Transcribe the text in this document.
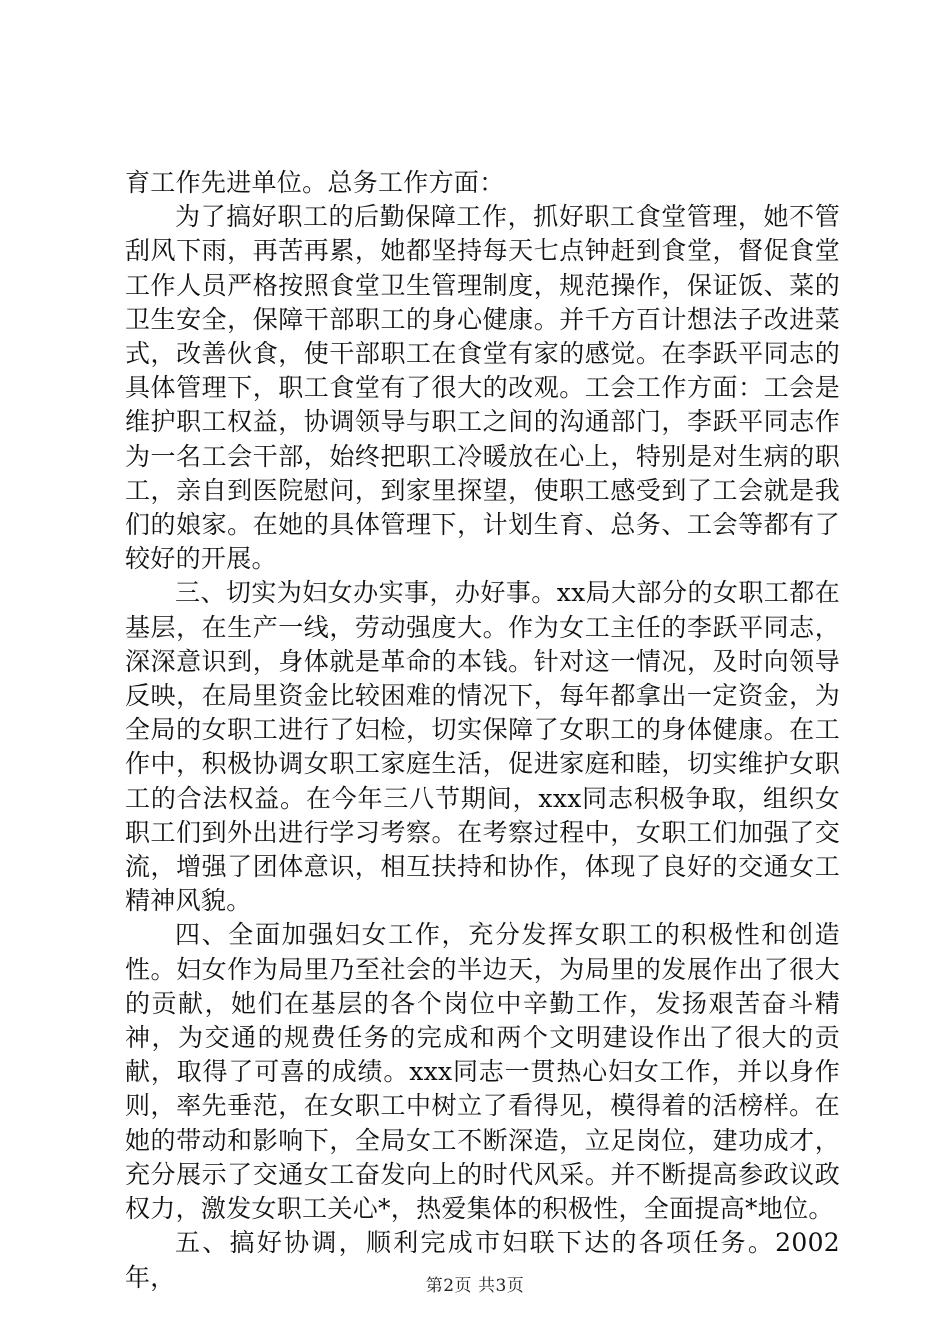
育工作先进单位。总务工作方面：

为了搞好职工的后勤保障工作，抓好职工食堂管理，她不管刮风下雨，再苦再累，她都坚持每天七点钟赶到食堂，督促食堂工作人员严格按照食堂卫生管理制度，规范操作，保证饭、菜的卫生安全，保障干部职工的身心健康。并千方百计想法子改进菜式，改善伙食，使干部职工在食堂有家的感觉。在李跃平同志的具体管理下，职工食堂有了很大的改观。工会工作方面：工会是维护职工权益，协调领导与职工之间的沟通部门，李跃平同志作为一名工会干部，始终把职工冷暖放在心上，特别是对生病的职工，亲自到医院慰问，到家里探望，使职工感受到了工会就是我们的娘家。在她的具体管理下，计划生育、总务、工会等都有了较好的开展。

三、切实为妇女办实事，办好事。xx局大部分的女职工都在基层，在生产一线，劳动强度大。作为女工主任的李跃平同志，深深意识到，身体就是革命的本钱。针对这一情况，及时向领导反映，在局里资金比较困难的情况下，每年都拿出一定资金，为全局的女职工进行了妇检，切实保障了女职工的身体健康。在工作中，积极协调女职工家庭生活，促进家庭和睦，切实维护女职工的合法权益。在今年三八节期间，xxx同志积极争取，组织女职工们到外出进行学习考察。在考察过程中，女职工们加强了交流，增强了团体意识，相互扶持和协作，体现了良好的交通女工精神风貌。

四、全面加强妇女工作，充分发挥女职工的积极性和创造性。妇女作为局里乃至社会的半边天，为局里的发展作出了很大的贡献，她们在基层的各个岗位中辛勤工作，发扬艰苦奋斗精神，为交通的规费任务的完成和两个文明建设作出了很大的贡献，取得了可喜的成绩。xxx同志一贯热心妇女工作，并以身作则，率先垂范，在女职工中树立了看得见，模得着的活榜样。在她的带动和影响下，全局女工不断深造，立足岗位，建功成才，充分展示了交通女工奋发向上的时代风采。并不断提高参政议政权力，激发女职工关心*，热爱集体的积极性，全面提高*地位。

五、搞好协调，顺利完成市妇联下达的各项任务。2002年，	第2页 共3页
